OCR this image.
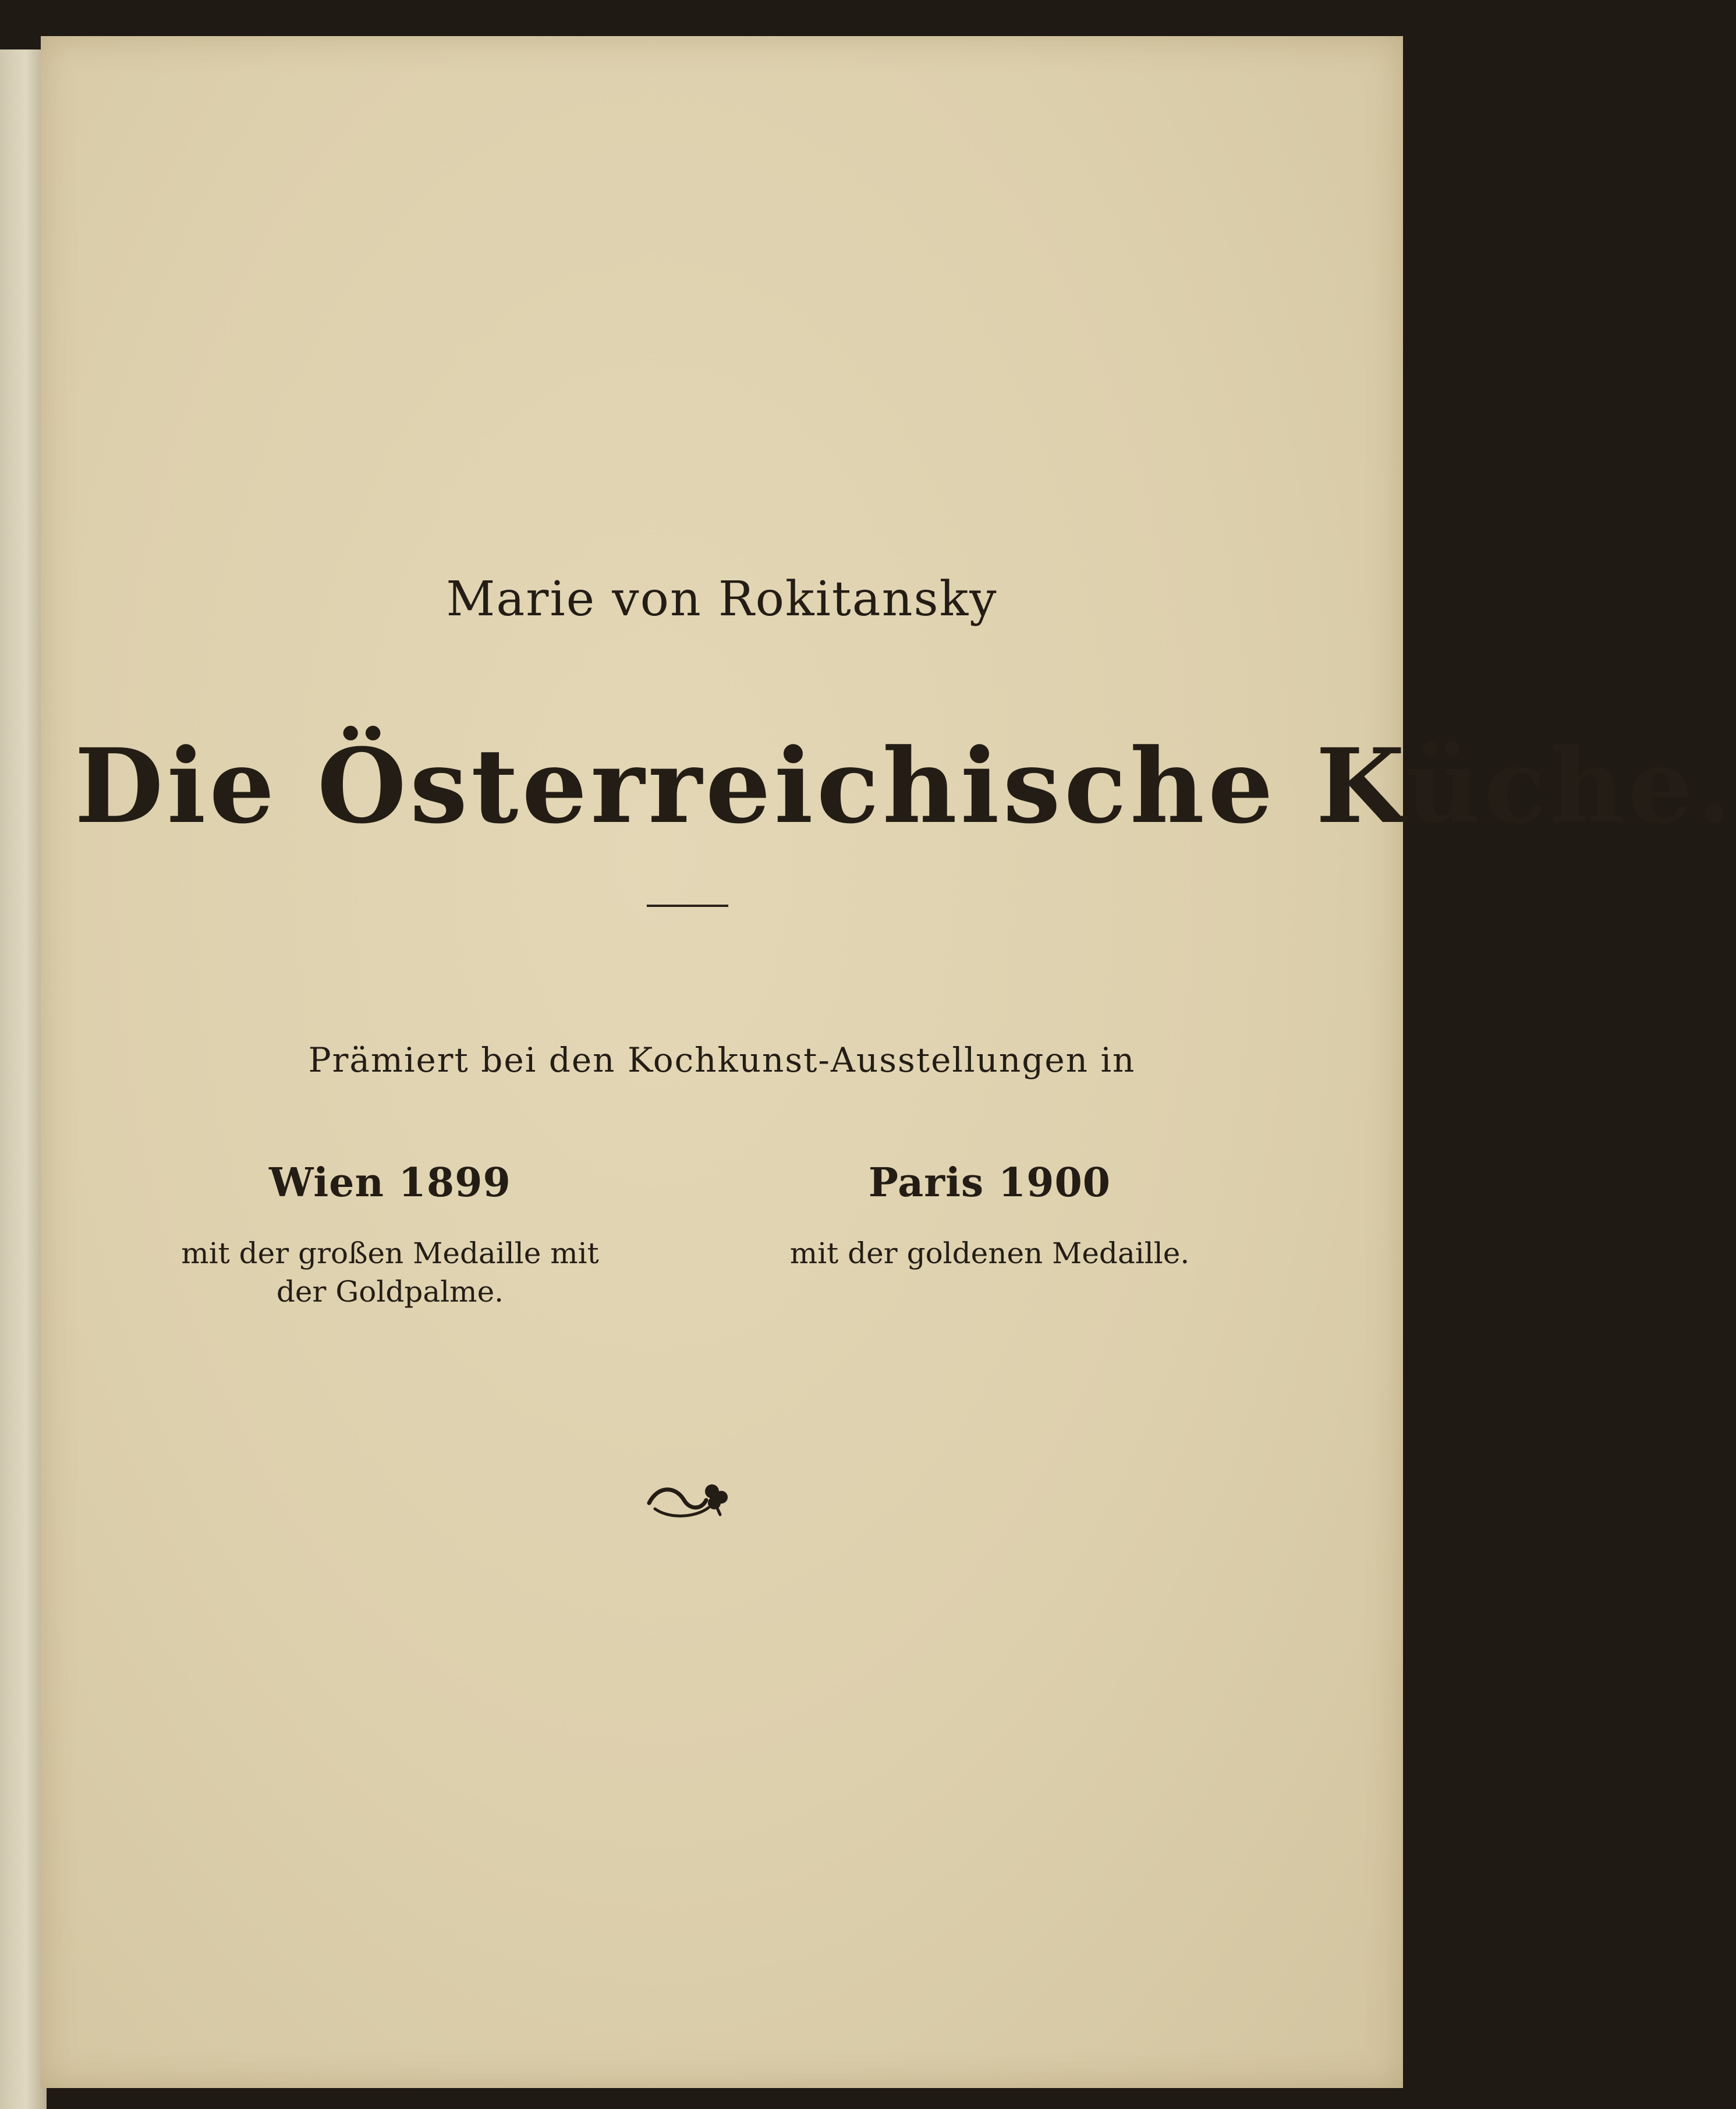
Marie von Rokitansky
Die Österreichische Küche.
Prämiert bei den Kochkunst-Ausstellungen in
Wien 1899
mit der großen Medaille mit
der Goldpalme.
Paris 1900
mit der goldenen Medaille.
